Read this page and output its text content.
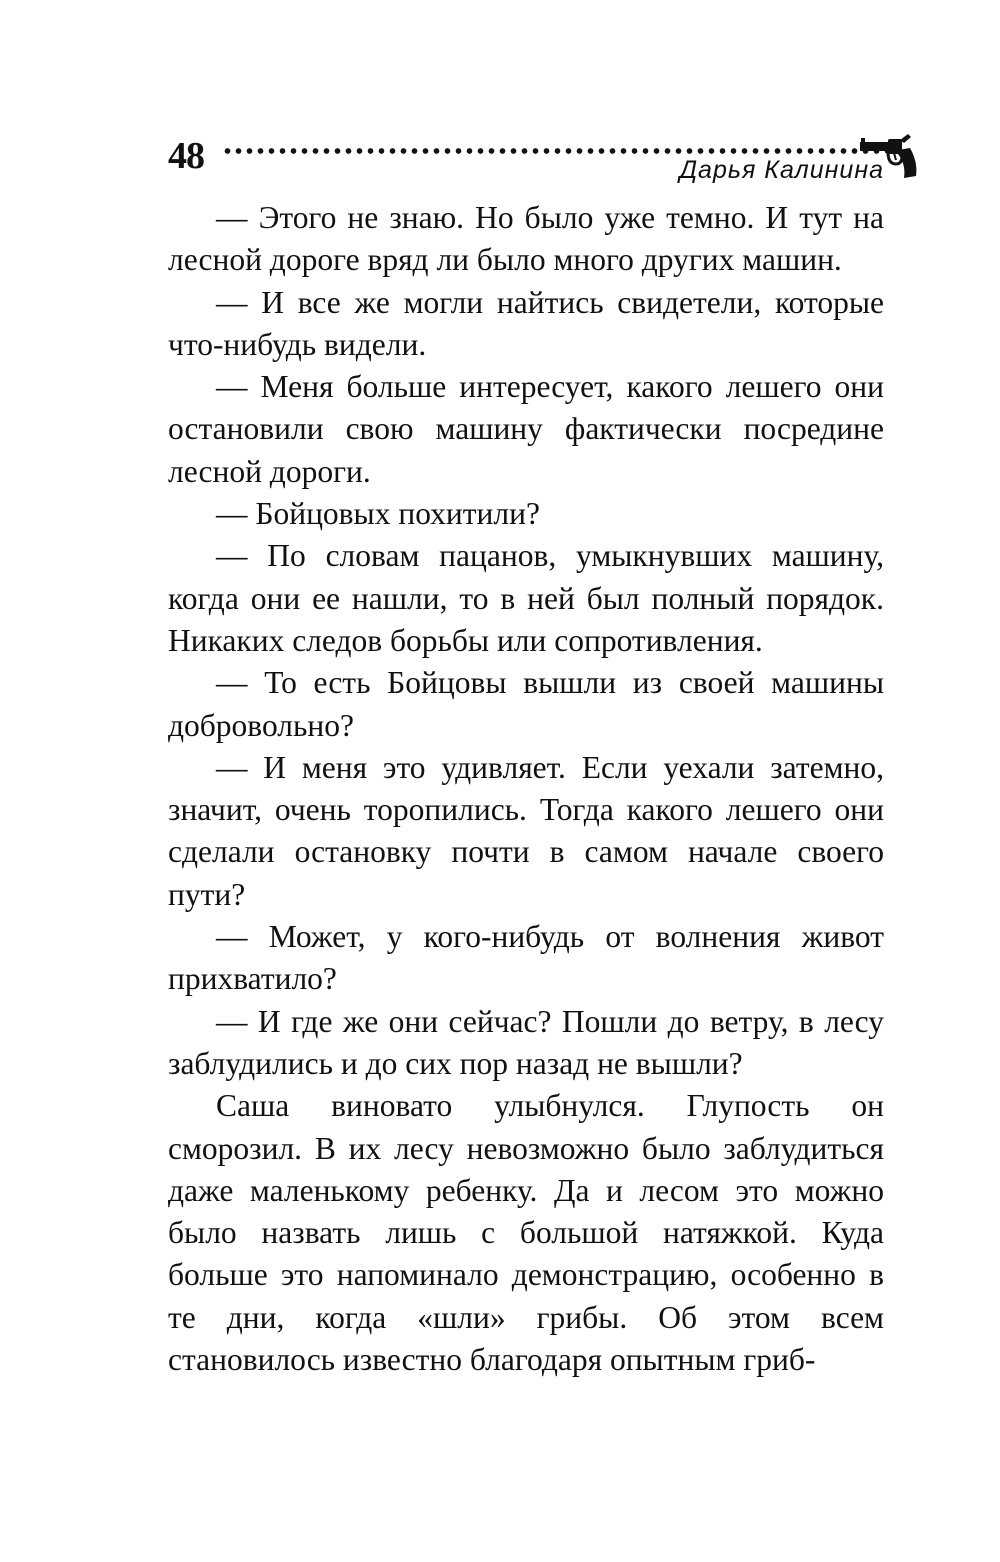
48	Дарья Калинина

— Этого не знаю. Но было уже темно. И тут на лесной дороге вряд ли было много других машин.

— И все же могли найтись свидетели, которые что-нибудь видели.

— Меня больше интересует, какого лешего они остановили свою машину фактически посредине лесной дороги.

— Бойцовых похитили?

— По словам пацанов, умыкнувших машину, когда они ее нашли, то в ней был полный порядок. Никаких следов борьбы или сопротивления.

— То есть Бойцовы вышли из своей машины добровольно?

— И меня это удивляет. Если уехали затемно, значит, очень торопились. Тогда какого лешего они сделали остановку почти в самом начале своего пути?

— Может, у кого-нибудь от волнения живот прихватило?

— И где же они сейчас? Пошли до ветру, в лесу заблудились и до сих пор назад не вышли?

Саша виновато улыбнулся. Глупость он сморозил. В их лесу невозможно было заблудиться даже маленькому ребенку. Да и лесом это можно было назвать лишь с большой натяжкой. Куда больше это напоминало демонстрацию, особенно в те дни, когда «шли» грибы. Об этом всем становилось известно благодаря опытным гриб-
